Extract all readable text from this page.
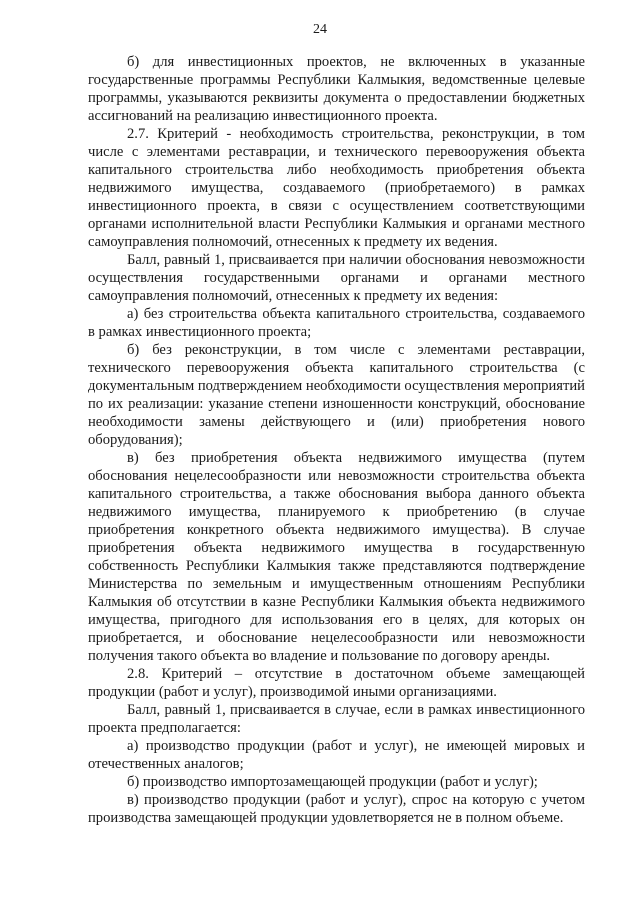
24

б) для инвестиционных проектов, не включенных в указанные государственные программы Республики Калмыкия, ведомственные целевые программы, указываются реквизиты документа о предоставлении бюджетных ассигнований на реализацию инвестиционного проекта.

2.7. Критерий - необходимость строительства, реконструкции, в том числе с элементами реставрации, и технического перевооружения объекта капитального строительства либо необходимость приобретения объекта недвижимого имущества, создаваемого (приобретаемого) в рамках инвестиционного проекта, в связи с осуществлением соответствующими органами исполнительной власти Республики Калмыкия и органами местного самоуправления полномочий, отнесенных к предмету их ведения.

Балл, равный 1, присваивается при наличии обоснования невозможности осуществления государственными органами и органами местного самоуправления полномочий, отнесенных к предмету их ведения:

а) без строительства объекта капитального строительства, создаваемого в рамках инвестиционного проекта;

б) без реконструкции, в том числе с элементами реставрации, технического перевооружения объекта капитального строительства (с документальным подтверждением необходимости осуществления мероприятий по их реализации: указание степени изношенности конструкций, обоснование необходимости замены действующего и (или) приобретения нового оборудования);

в) без приобретения объекта недвижимого имущества (путем обоснования нецелесообразности или невозможности строительства объекта капитального строительства, а также обоснования выбора данного объекта недвижимого имущества, планируемого к приобретению (в случае приобретения конкретного объекта недвижимого имущества). В случае приобретения объекта недвижимого имущества в государственную собственность Республики Калмыкия также представляются подтверждение Министерства по земельным и имущественным отношениям Республики Калмыкия об отсутствии в казне Республики Калмыкия объекта недвижимого имущества, пригодного для использования его в целях, для которых он приобретается, и обоснование нецелесообразности или невозможности получения такого объекта во владение и пользование по договору аренды.

2.8. Критерий – отсутствие в достаточном объеме замещающей продукции (работ и услуг), производимой иными организациями.

Балл, равный 1, присваивается в случае, если в рамках инвестиционного проекта предполагается:

а) производство продукции (работ и услуг), не имеющей мировых и отечественных аналогов;

б) производство импортозамещающей продукции (работ и услуг);

в) производство продукции (работ и услуг), спрос на которую с учетом производства замещающей продукции удовлетворяется не в полном объеме.
